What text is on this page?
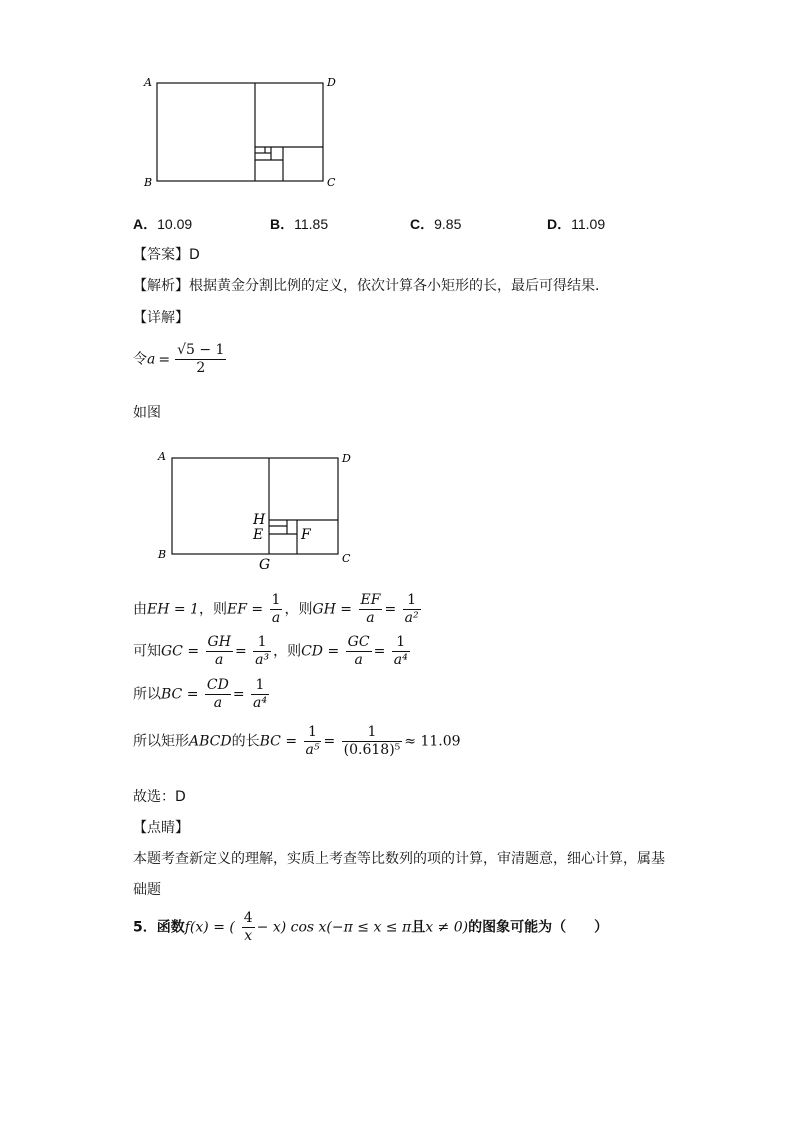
A
B	C
D
A．10.09	B．11.85	C．9.85	D．11.09
【答案】D
【解析】根据黄金分割比例的定义，依次计算各小矩形的长，最后可得结果.
【详解】
令$a = \frac{√5 - 1}{2}$
如图
A
B	C
D
H
E	F
G
由EH = 1，则EF = $\frac{1}{a}$ ，则GH = $\frac{EF}{a} = \frac{1}{\text{a²}}$
可知GC = $\frac{GH}{a} = \frac{1}{\text{a³}}$ ，则CD = $\frac{GC}{a} = \frac{1}{\text{a⁴}}$
所以BC = $\frac{CD}{a} = \frac{1}{\text{a⁴}}$
所以矩形ABCD的长BC = $\frac{1}{\text{a⁵}} = \frac{1}{\text{(0.618)⁵}} \approx 11.09$
故选：D
【点睛】
本题考查新定义的理解，实质上考查等比数列的项的计算，审清题意，细心计算，属基
础题
5．函数f(x) = ( $\frac{4}{x} - x$) cos x(−π ≤ x ≤ π且x ≠ 0)的图象可能为（　　）
